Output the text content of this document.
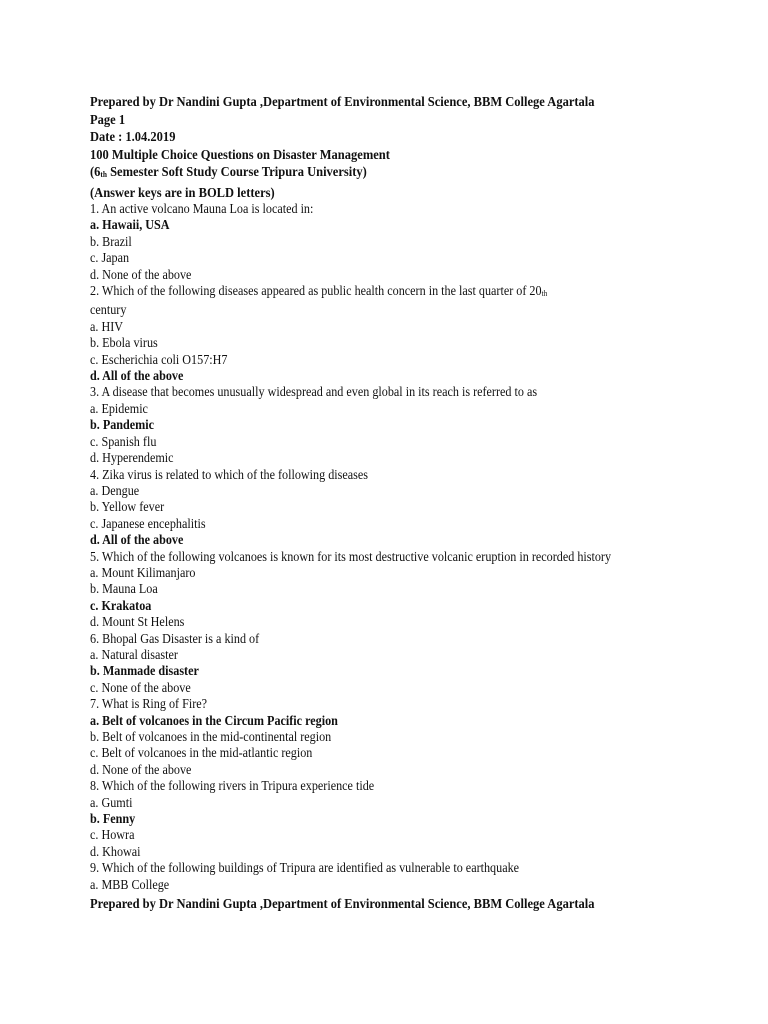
Prepared by Dr Nandini Gupta ,Department of Environmental Science, BBM College Agartala
Page 1
Date : 1.04.2019
100 Multiple Choice Questions on Disaster Management
(6th Semester Soft Study Course Tripura University)
(Answer keys are in BOLD letters)
1. An active volcano Mauna Loa is located in:
a. Hawaii, USA
b. Brazil
c. Japan
d. None of the above
2. Which of the following diseases appeared as public health concern in the last quarter of 20th
century
a. HIV
b. Ebola virus
c. Escherichia coli O157:H7
d. All of the above
3. A disease that becomes unusually widespread and even global in its reach is referred to as
a. Epidemic
b. Pandemic
c. Spanish flu
d. Hyperendemic
4. Zika virus is related to which of the following diseases
a. Dengue
b. Yellow fever
c. Japanese encephalitis
d. All of the above
5. Which of the following volcanoes is known for its most destructive volcanic eruption in recorded history
a. Mount Kilimanjaro
b. Mauna Loa
c. Krakatoa
d. Mount St Helens
6. Bhopal Gas Disaster is a kind of
a. Natural disaster
b. Manmade disaster
c. None of the above
7. What is Ring of Fire?
a. Belt of volcanoes in the Circum Pacific region
b. Belt of volcanoes in the mid-continental region
c. Belt of volcanoes in the mid-atlantic region
d. None of the above
8. Which of the following rivers in Tripura experience tide
a. Gumti
b. Fenny
c. Howra
d. Khowai
9. Which of the following buildings of Tripura are identified as vulnerable to earthquake
a. MBB College
Prepared by Dr Nandini Gupta ,Department of Environmental Science, BBM College Agartala
